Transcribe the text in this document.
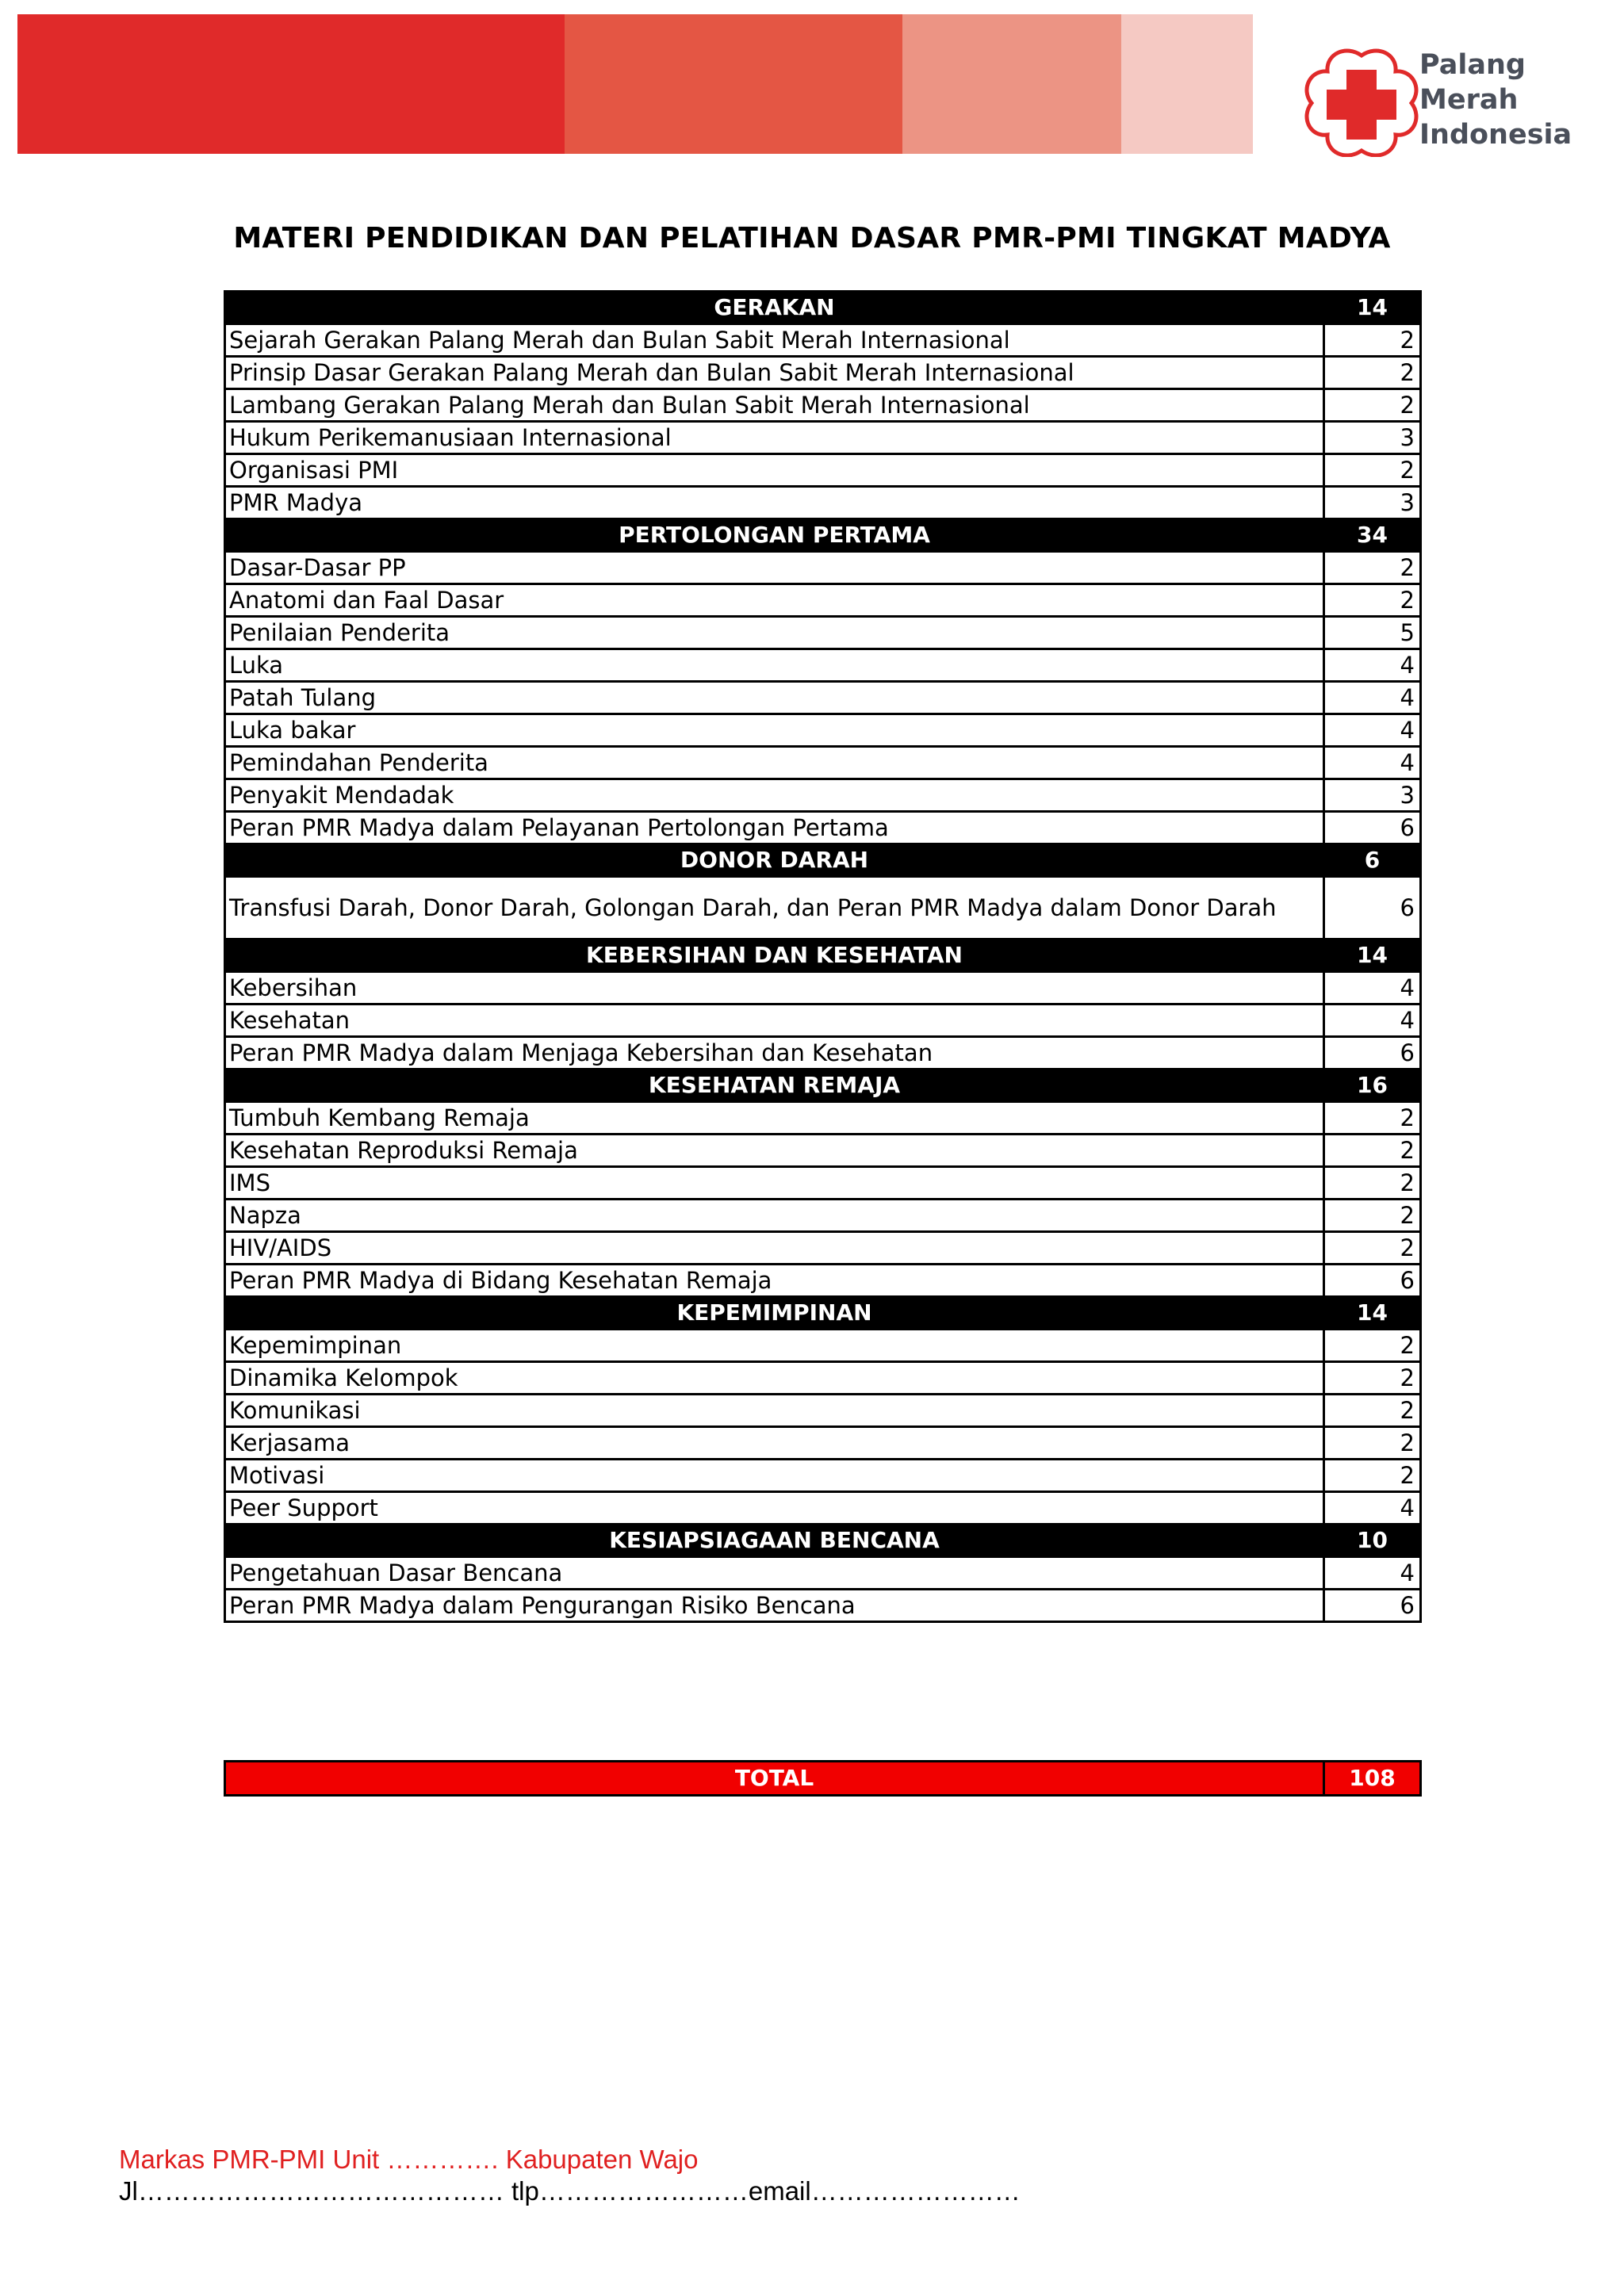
Palang
Merah
Indonesia
MATERI PENDIDIKAN DAN PELATIHAN DASAR PMR-PMI TINGKAT MADYA
GERAKAN	14
Sejarah Gerakan Palang Merah dan Bulan Sabit Merah Internasional	2
Prinsip Dasar Gerakan Palang Merah dan Bulan Sabit Merah Internasional	2
Lambang Gerakan Palang Merah dan Bulan Sabit Merah Internasional	2
Hukum Perikemanusiaan Internasional	3
Organisasi PMI	2
PMR Madya	3
PERTOLONGAN PERTAMA	34
Dasar-Dasar PP	2
Anatomi dan Faal Dasar	2
Penilaian Penderita	5
Luka	4
Patah Tulang	4
Luka bakar	4
Pemindahan Penderita	4
Penyakit Mendadak	3
Peran PMR Madya dalam Pelayanan Pertolongan Pertama	6
DONOR DARAH	6
Transfusi Darah, Donor Darah, Golongan Darah, dan Peran PMR Madya dalam Donor Darah	6
KEBERSIHAN DAN KESEHATAN	14
Kebersihan	4
Kesehatan	4
Peran PMR Madya dalam Menjaga Kebersihan dan Kesehatan	6
KESEHATAN REMAJA	16
Tumbuh Kembang Remaja	2
Kesehatan Reproduksi Remaja	2
IMS	2
Napza	2
HIV/AIDS	2
Peran PMR Madya di Bidang Kesehatan Remaja	6
KEPEMIMPINAN	14
Kepemimpinan	2
Dinamika Kelompok	2
Komunikasi	2
Kerjasama	2
Motivasi	2
Peer Support	4
KESIAPSIAGAAN BENCANA	10
Pengetahuan Dasar Bencana	4
Peran PMR Madya dalam Pengurangan Risiko Bencana	6
TOTAL	108
Markas PMR-PMI Unit …………. Kabupaten Wajo
Jl…………………………………… tlp……………………email……………………
